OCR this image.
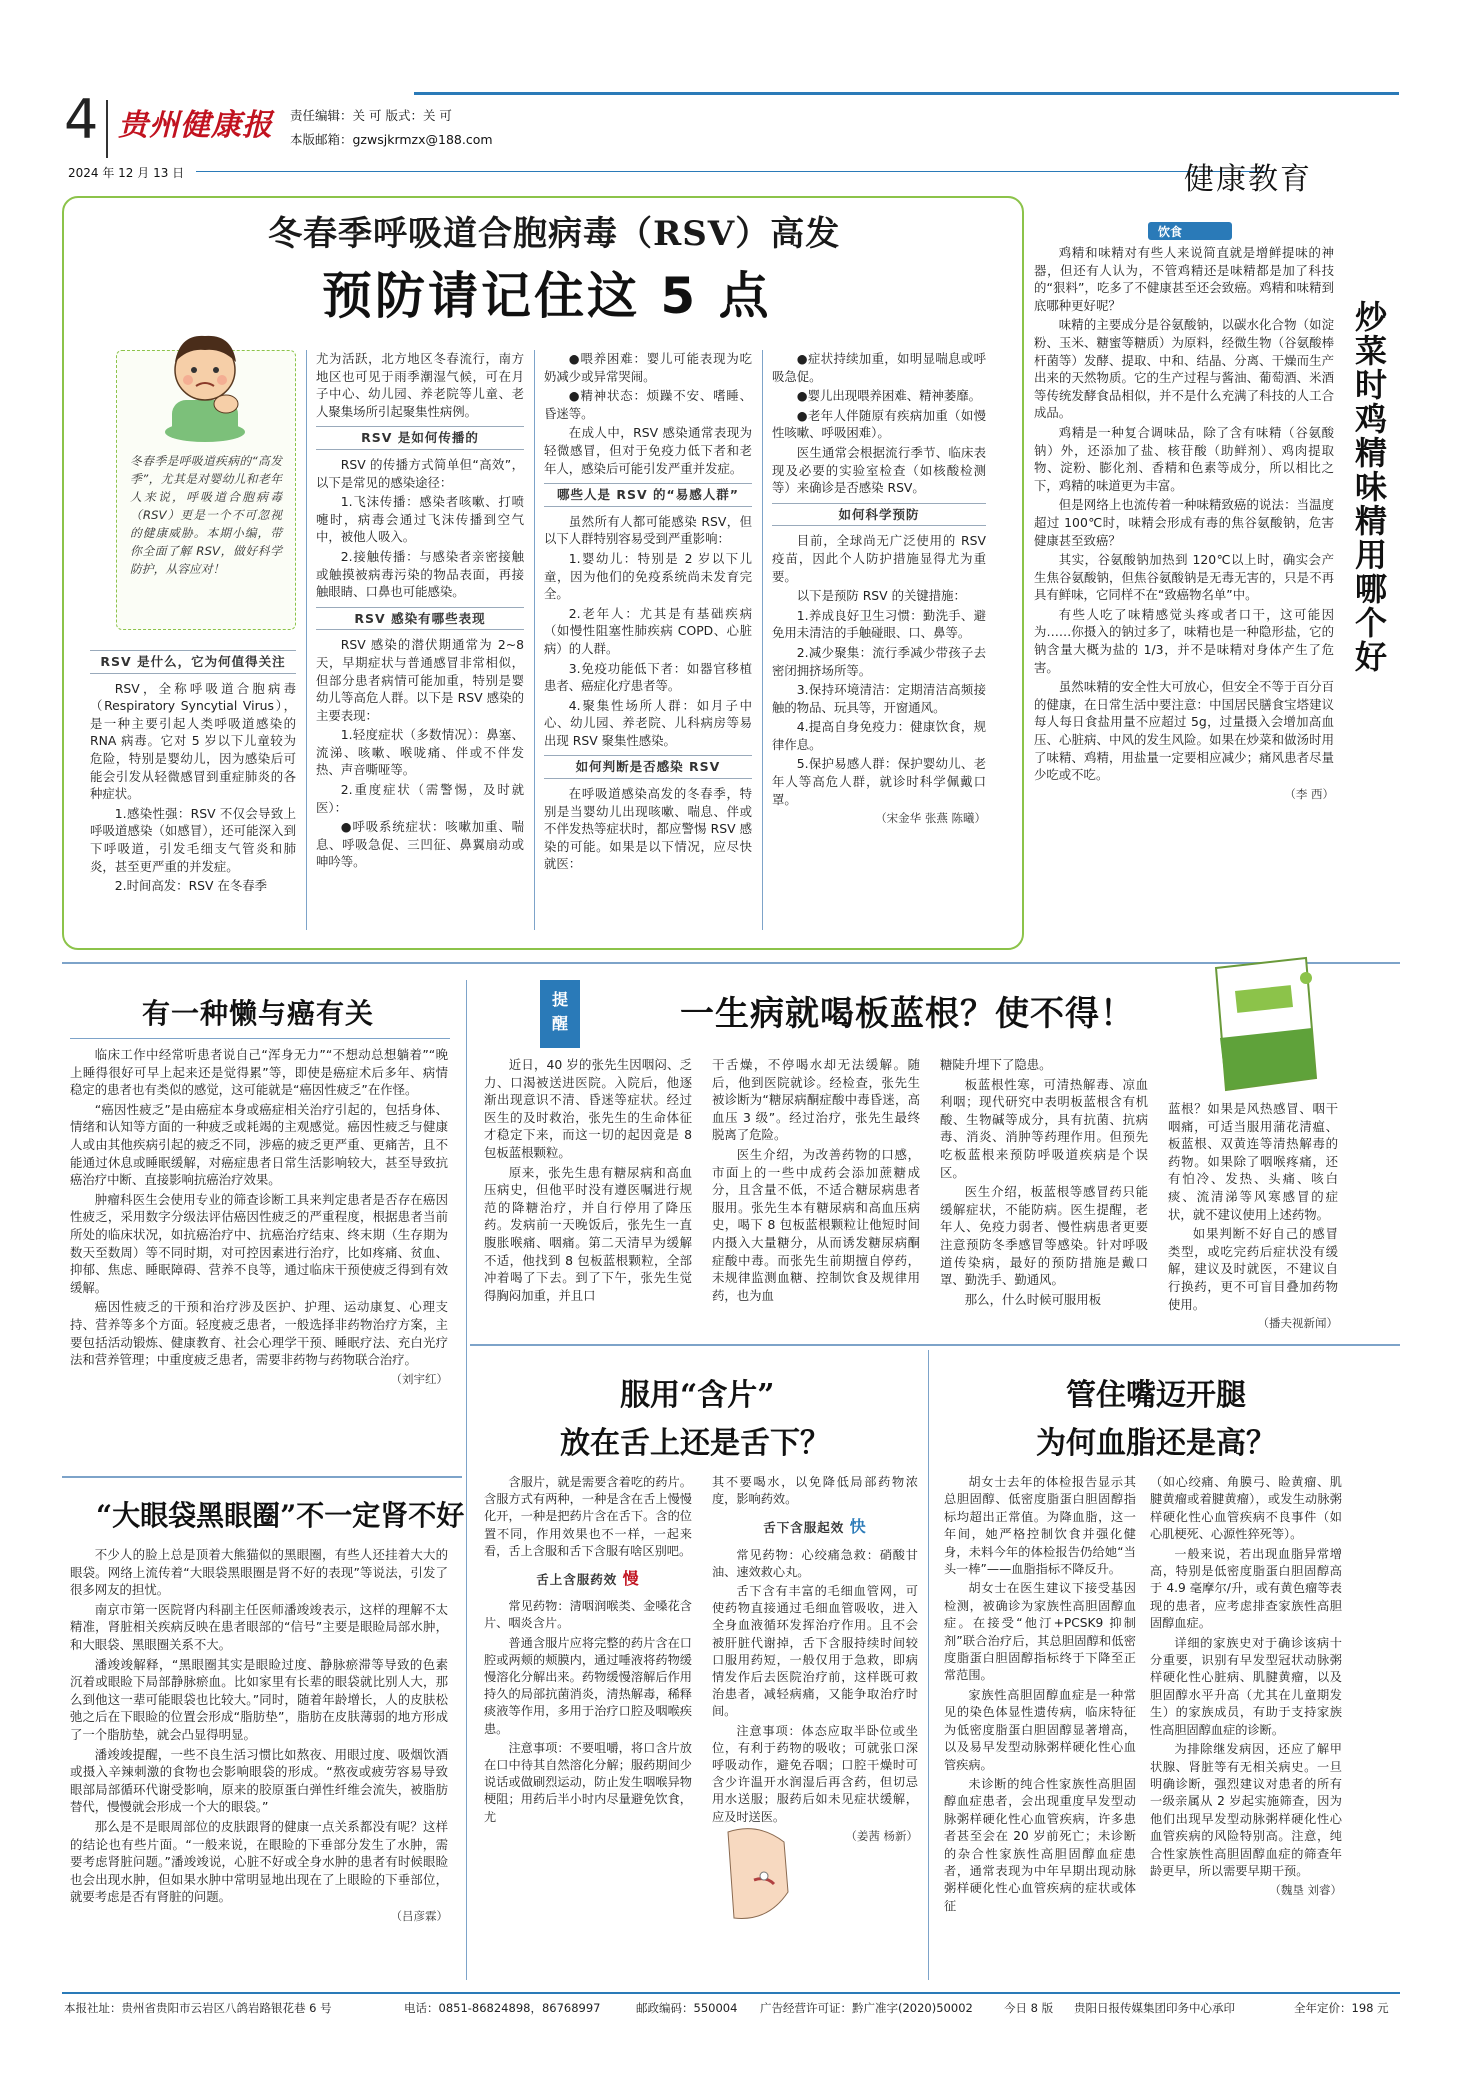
4 贵州健康报 责任编辑：关 可 版式：关 可
本版邮箱：gzwsjkrmzx@188.com
2024 年 12 月 13 日	健康教育
冬春季呼吸道合胞病毒（RSV）高发
预防请记住这 5 点
冬春季是呼吸道疾病的“高发季”，尤其是对婴幼儿和老年人来说，呼吸道合胞病毒（RSV）更是一个不可忽视的健康威胁。本期小编，带你全面了解 RSV，做好科学防护，从容应对！
RSV 是什么，它为何值得关注

RSV，全称呼吸道合胞病毒（Respiratory Syncytial Virus），是一种主要引起人类呼吸道感染的 RNA 病毒。它对 5 岁以下儿童较为危险，特别是婴幼儿，因为感染后可能会引发从轻微感冒到重症肺炎的各种症状。

1.感染性强：RSV 不仅会导致上呼吸道感染（如感冒），还可能深入到下呼吸道，引发毛细支气管炎和肺炎，甚至更严重的并发症。

2.时间高发：RSV 在冬春季

尤为活跃，北方地区冬春流行，南方地区也可见于雨季潮湿气候，可在月子中心、幼儿园、养老院等儿童、老人聚集场所引起聚集性病例。

RSV 是如何传播的

RSV 的传播方式简单但“高效”，以下是常见的感染途径：

1.飞沫传播：感染者咳嗽、打喷嚏时，病毒会通过飞沫传播到空气中，被他人吸入。

2.接触传播：与感染者亲密接触或触摸被病毒污染的物品表面，再接触眼睛、口鼻也可能感染。

RSV 感染有哪些表现

RSV 感染的潜伏期通常为 2~8 天，早期症状与普通感冒非常相似，但部分患者病情可能加重，特别是婴幼儿等高危人群。以下是 RSV 感染的主要表现：

1.轻度症状（多数情况）：鼻塞、流涕、咳嗽、喉咙痛、伴或不伴发热、声音嘶哑等。

2.重度症状（需警惕，及时就医）：

●呼吸系统症状：咳嗽加重、喘息、呼吸急促、三凹征、鼻翼扇动或呻吟等。

●喂养困难：婴儿可能表现为吃奶减少或异常哭闹。

●精神状态：烦躁不安、嗜睡、昏迷等。

在成人中，RSV 感染通常表现为轻微感冒，但对于免疫力低下者和老年人，感染后可能引发严重并发症。

哪些人是 RSV 的“易感人群”

虽然所有人都可能感染 RSV，但以下人群特别容易受到严重影响：

1.婴幼儿：特别是 2 岁以下儿童，因为他们的免疫系统尚未发育完全。

2.老年人：尤其是有基础疾病（如慢性阻塞性肺疾病 COPD、心脏病）的人群。

3.免疫功能低下者：如器官移植患者、癌症化疗患者等。

4.聚集性场所人群：如月子中心、幼儿园、养老院、儿科病房等易出现 RSV 聚集性感染。

如何判断是否感染 RSV

在呼吸道感染高发的冬春季，特别是当婴幼儿出现咳嗽、喘息、伴或不伴发热等症状时，都应警惕 RSV 感染的可能。如果是以下情况，应尽快就医：

●症状持续加重，如明显喘息或呼吸急促。

●婴儿出现喂养困难、精神萎靡。

●老年人伴随原有疾病加重（如慢性咳嗽、呼吸困难）。

医生通常会根据流行季节、临床表现及必要的实验室检查（如核酸检测等）来确诊是否感染 RSV。

如何科学预防

目前，全球尚无广泛使用的 RSV 疫苗，因此个人防护措施显得尤为重要。

以下是预防 RSV 的关键措施：

1.养成良好卫生习惯：勤洗手、避免用未清洁的手触碰眼、口、鼻等。

2.减少聚集：流行季减少带孩子去密闭拥挤场所等。

3.保持环境清洁：定期清洁高频接触的物品、玩具等，开窗通风。

4.提高自身免疫力：健康饮食，规律作息。

5.保护易感人群：保护婴幼儿、老年人等高危人群，就诊时科学佩戴口罩。

（宋金华 张燕 陈曦）
饮食

鸡精和味精对有些人来说简直就是增鲜提味的神器，但还有人认为，不管鸡精还是味精都是加了科技的“狠料”，吃多了不健康甚至还会致癌。鸡精和味精到底哪种更好呢？

味精的主要成分是谷氨酸钠，以碳水化合物（如淀粉、玉米、糖蜜等糖质）为原料，经微生物（谷氨酸棒杆菌等）发酵、提取、中和、结晶、分离、干燥而生产出来的天然物质。它的生产过程与酱油、葡萄酒、米酒等传统发酵食品相似，并不是什么充满了科技的人工合成品。

鸡精是一种复合调味品，除了含有味精（谷氨酸钠）外，还添加了盐、核苷酸（助鲜剂）、鸡肉提取物、淀粉、膨化剂、香精和色素等成分，所以相比之下，鸡精的味道更为丰富。

但是网络上也流传着一种味精致癌的说法：当温度超过 100℃时，味精会形成有毒的焦谷氨酸钠，危害健康甚至致癌？

其实，谷氨酸钠加热到 120℃以上时，确实会产生焦谷氨酸钠，但焦谷氨酸钠是无毒无害的，只是不再具有鲜味，它同样不在“致癌物名单”中。

有些人吃了味精感觉头疼或者口干，这可能因为……你摄入的钠过多了，味精也是一种隐形盐，它的钠含量大概为盐的 1/3，并不是味精对身体产生了危害。

虽然味精的安全性大可放心，但安全不等于百分百的健康，在日常生活中要注意：中国居民膳食宝塔建议每人每日食盐用量不应超过 5g，过量摄入会增加高血压、心脏病、中风的发生风险。如果在炒菜和做汤时用了味精、鸡精，用盐量一定要相应减少；痛风患者尽量少吃或不吃。

（李 西）
炒菜时鸡精味精用哪个好
有一种懒与癌有关

临床工作中经常听患者说自己“浑身无力”“不想动总想躺着”“晚上睡得很好可早上起来还是觉得累”等，即使是癌症术后多年、病情稳定的患者也有类似的感觉，这可能就是“癌因性疲乏”在作怪。

“癌因性疲乏”是由癌症本身或癌症相关治疗引起的，包括身体、情绪和认知等方面的一种疲乏或耗竭的主观感觉。癌因性疲乏与健康人或由其他疾病引起的疲乏不同，涉癌的疲乏更严重、更痛苦，且不能通过休息或睡眠缓解，对癌症患者日常生活影响较大，甚至导致抗癌治疗中断、直接影响抗癌治疗效果。

肿瘤科医生会使用专业的筛查诊断工具来判定患者是否存在癌因性疲乏，采用数字分级法评估癌因性疲乏的严重程度，根据患者当前所处的临床状况，如抗癌治疗中、抗癌治疗结束、终末期（生存期为数天至数周）等不同时期，对可控因素进行治疗，比如疼痛、贫血、抑郁、焦虑、睡眠障碍、营养不良等，通过临床干预使疲乏得到有效缓解。

癌因性疲乏的干预和治疗涉及医护、护理、运动康复、心理支持、营养等多个方面。轻度疲乏患者，一般选择非药物治疗方案，主要包括活动锻炼、健康教育、社会心理学干预、睡眠疗法、充白光疗法和营养管理；中重度疲乏患者，需要非药物与药物联合治疗。

（刘宇红）
“大眼袋黑眼圈”不一定肾不好

不少人的脸上总是顶着大熊猫似的黑眼圈，有些人还挂着大大的眼袋。网络上流传着“大眼袋黑眼圈是肾不好的表现”等说法，引发了很多网友的担忧。

南京市第一医院肾内科副主任医师潘竣竣表示，这样的理解不太精准，肾脏相关疾病反映在患者眼部的“信号”主要是眼睑局部水肿，和大眼袋、黑眼圈关系不大。

潘竣竣解释，“黑眼圈其实是眼睑过度、静脉瘀滞等导致的色素沉着或眼睑下局部静脉瘀血。比如家里有长辈的眼袋就比别人大，那么到他这一辈可能眼袋也比较大。”同时，随着年龄增长，人的皮肤松弛之后在下眼睑的位置会形成“脂肪垫”，脂肪在皮肤薄弱的地方形成了一个脂肪垫，就会凸显得明显。

潘竣竣提醒，一些不良生活习惯比如熬夜、用眼过度、吸烟饮酒或摄入辛辣刺激的食物也会影响眼袋的形成。“熬夜或疲劳容易导致眼部局部循环代谢受影响，原来的胶原蛋白弹性纤维会流失，被脂肪替代，慢慢就会形成一个大的眼袋。”

那么是不是眼周部位的皮肤跟肾的健康一点关系都没有呢？这样的结论也有些片面。“一般来说，在眼睑的下垂部分发生了水肿，需要考虑肾脏问题。”潘竣竣说，心脏不好或全身水肿的患者有时候眼睑也会出现水肿，但如果水肿中常明显地出现在了上眼睑的下垂部位，就要考虑是否有肾脏的问题。

（吕彦霖）
提醒	一生病就喝板蓝根？使不得！

近日，40 岁的张先生因咽闷、乏力、口渴被送进医院。入院后，他逐渐出现意识不清、昏迷等症状。经过医生的及时救治，张先生的生命体征才稳定下来，而这一切的起因竟是 8 包板蓝根颗粒。

原来，张先生患有糖尿病和高血压病史，但他平时没有遵医嘱进行规范的降糖治疗，并自行停用了降压药。发病前一天晚饭后，张先生一直腹胀喉痛、咽痛。第二天清早为缓解不适，他找到 8 包板蓝根颗粒，全部冲着喝了下去。到了下午，张先生觉得胸闷加重，并且口

干舌燥，不停喝水却无法缓解。随后，他到医院就诊。经检查，张先生被诊断为“糖尿病酮症酸中毒昏迷，高血压 3 级”。经过治疗，张先生最终脱离了危险。

医生介绍，为改善药物的口感，市面上的一些中成药会添加蔗糖成分，且含量不低，不适合糖尿病患者服用。张先生本有糖尿病和高血压病史，喝下 8 包板蓝根颗粒让他短时间内摄入大量糖分，从而诱发糖尿病酮症酸中毒。而张先生前期擅自停药，未规律监测血糖、控制饮食及规律用药，也为血

糖陡升埋下了隐患。

板蓝根性寒，可清热解毒、凉血利咽；现代研究中表明板蓝根含有机酸、生物碱等成分，具有抗菌、抗病毒、消炎、消肿等药理作用。但预先吃板蓝根来预防呼吸道疾病是个误区。

医生介绍，板蓝根等感冒药只能缓解症状，不能防病。医生提醒，老年人、免疫力弱者、慢性病患者更要注意预防冬季感冒等感染。针对呼吸道传染病，最好的预防措施是戴口罩、勤洗手、勤通风。

那么，什么时候可服用板

蓝根？如果是风热感冒、咽干咽痛，可适当服用蒲花清瘟、板蓝根、双黄连等清热解毒的药物。如果除了咽喉疼痛，还有怕冷、发热、头痛、咳白痰、流清涕等风寒感冒的症状，就不建议使用上述药物。

如果判断不好自己的感冒类型，或吃完药后症状没有缓解，建议及时就医，不建议自行换药，更不可盲目叠加药物使用。

（播夫视新闻）
服用“含片”
放在舌上还是舌下？

含服片，就是需要含着吃的药片。含服方式有两种，一种是含在舌上慢慢化开，一种是把药片含在舌下。含的位置不同，作用效果也不一样，一起来看，舌上含服和舌下含服有啥区别吧。

舌上含服药效 慢

常见药物：清咽润喉类、金嗓花含片、咽炎含片。

普通含服片应将完整的药片含在口腔或两颊的颊膜内，通过唾液将药物缓慢溶化分解出来。药物缓慢溶解后作用持久的局部抗菌消炎，清热解毒，稀释痰液等作用，多用于治疗口腔及咽喉疾患。

注意事项：不要咀嚼，将口含片放在口中待其自然溶化分解；服药期间少说话或做刷烈运动，防止发生咽喉异物梗阻；用药后半小时内尽量避免饮食，尤

其不要喝水，以免降低局部药物浓度，影响药效。

舌下含服起效 快

常见药物：心绞痛急救：硝酸甘油、速效救心丸。

舌下含有丰富的毛细血管网，可使药物直接通过毛细血管吸收，进入全身血液循环发挥治疗作用。且不会被肝脏代谢掉，舌下含服持续时间较口服用药短，一般仅用于急救，即病情发作后去医院治疗前，这样既可救治患者，减轻病痛，又能争取治疗时间。

注意事项：体态应取半卧位或坐位，有利于药物的吸收；可就张口深呼吸动作，避免吞咽；口腔干燥时可含少许温开水润湿后再含药，但切忌用水送服；服药后如未见症状缓解，应及时送医。

（姜茜 杨新）
管住嘴迈开腿
为何血脂还是高？

胡女士去年的体检报告显示其总胆固醇、低密度脂蛋白胆固醇指标均超出正常值。为降血脂，这一年间，她严格控制饮食并强化健身，未料今年的体检报告仍给她“当头一棒”——血脂指标不降反升。

胡女士在医生建议下接受基因检测，被确诊为家族性高胆固醇血症。在接受“他汀+PCSK9 抑制剂”联合治疗后，其总胆固醇和低密度脂蛋白胆固醇指标终于下降至正常范围。

家族性高胆固醇血症是一种常见的染色体显性遗传病，临床特征为低密度脂蛋白胆固醇显著增高，以及易早发型动脉粥样硬化性心血管疾病。

未诊断的纯合性家族性高胆固醇血症患者，会出现重度早发型动脉粥样硬化性心血管疾病，许多患者甚至会在 20 岁前死亡；未诊断的杂合性家族性高胆固醇血症患者，通常表现为中年早期出现动脉粥样硬化性心血管疾病的症状或体征

（如心绞痛、角膜弓、睑黄瘤、肌腱黄瘤或着腱黄瘤），或发生动脉粥样硬化性心血管疾病不良事件（如心肌梗死、心源性猝死等）。

一般来说，若出现血脂异常增高，特别是低密度脂蛋白胆固醇高于 4.9 毫摩尔/升，或有黄色瘤等表现的患者，应考虑排查家族性高胆固醇血症。

详细的家族史对于确诊该病十分重要，识别有早发型冠状动脉粥样硬化性心脏病、肌腱黄瘤，以及胆固醇水平升高（尤其在儿童期发生）的家族成员，有助于支持家族性高胆固醇血症的诊断。

为排除继发病因，还应了解甲状腺、肾脏等有无相关病史。一旦明确诊断，强烈建议对患者的所有一级亲属从 2 岁起实施筛查，因为他们出现早发型动脉粥样硬化性心血管疾病的风险特别高。注意，纯合性家族性高胆固醇血症的筛查年龄更早，所以需要早期干预。

（魏垦 刘睿）
本报社址：贵州省贵阳市云岩区八鸽岩路银花巷 6 号	电话：0851-86824898，86768997	邮政编码：550004 广告经营许可证：黔广准字(2020)50002	今日 8 版 贵阳日报传媒集团印务中心承印	全年定价：198 元
